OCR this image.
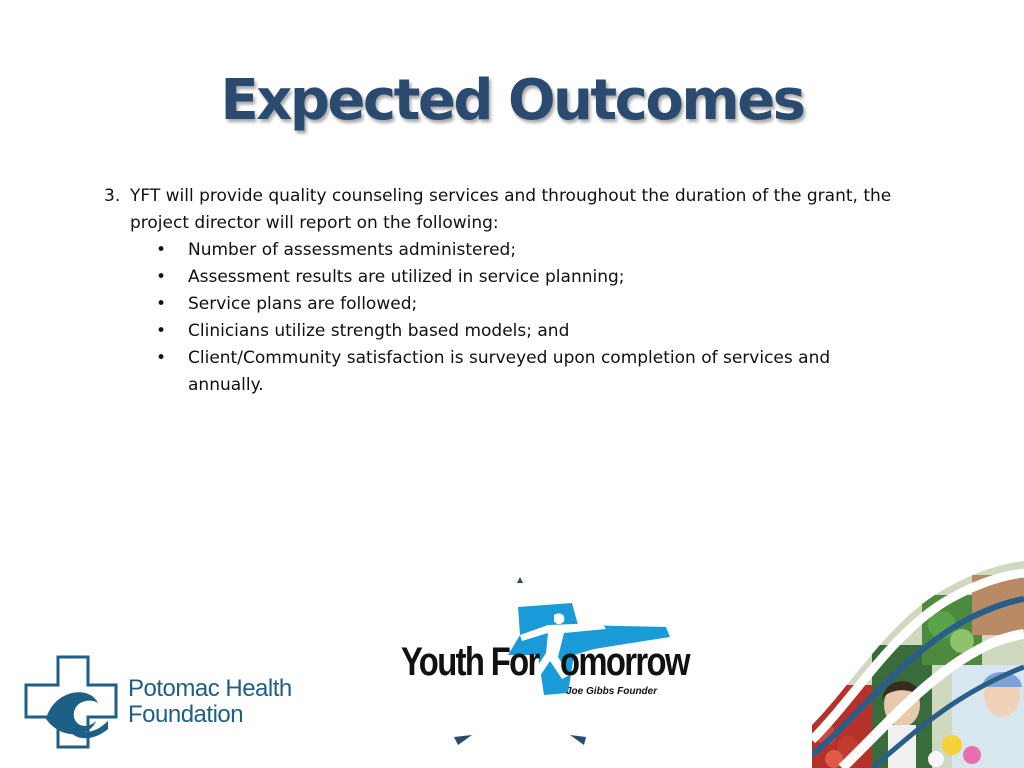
Expected Outcomes
3. YFT will provide quality counseling services and throughout the duration of the grant, the project director will report on the following:
•	Number of assessments administered;
•	Assessment results are utilized in service planning;
•	Service plans are followed;
•	Clinicians utilize strength based models; and
•	Client/Community satisfaction is surveyed upon completion of services and annually.
Potomac Health
Foundation
Youth For omorrow
Joe Gibbs Founder
